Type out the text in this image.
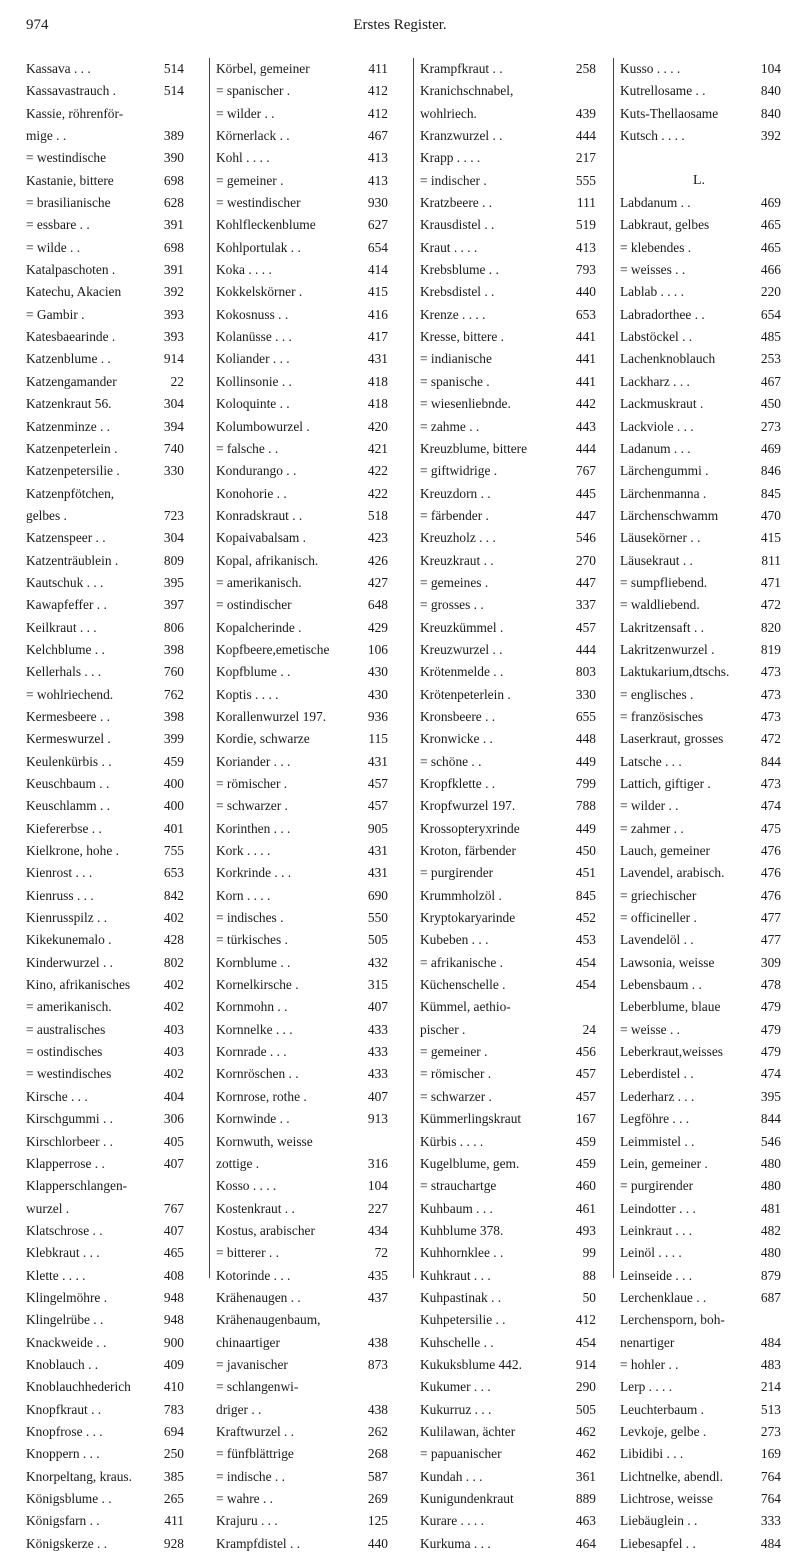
974	Erstes Register.
Kassava . . .	514
Kassavastrauch .	514
Kassie, röhrenför-
mige . .	389
= westindische	390
Kastanie, bittere	698
= brasilianische	628
= essbare . .	391
= wilde . .	698
Katalpaschoten .	391
Katechu, Akacien	392
= Gambir .	393
Katesbaearinde .	393
Katzenblume . .	914
Katzengamander	22
Katzenkraut 56.	304
Katzenminze . .	394
Katzenpeterlein .	740
Katzenpetersilie .	330
Katzenpfötchen,
gelbes .	723
Katzenspeer . .	304
Katzenträublein .	809
Kautschuk . . .	395
Kawapfeffer . .	397
Keilkraut . . .	806
Kelchblume . .	398
Kellerhals . . .	760
= wohlriechend.	762
Kermesbeere . .	398
Kermeswurzel .	399
Keulenkürbis . .	459
Keuschbaum . .	400
Keuschlamm . .	400
Kiefererbse . .	401
Kielkrone, hohe .	755
Kienrost . . .	653
Kienruss . . .	842
Kienrusspilz . .	402
Kikekunemalo .	428
Kinderwurzel . .	802
Kino, afrikanisches	402
= amerikanisch.	402
= australisches	403
= ostindisches	403
= westindisches	402
Kirsche . . .	404
Kirschgummi . .	306
Kirschlorbeer . .	405
Klapperrose . .	407
Klapperschlangen-
wurzel .	767
Klatschrose . .	407
Klebkraut . . .	465
Klette . . . .	408
Klingelmöhre .	948
Klingelrübe . .	948
Knackweide . .	900
Knoblauch . .	409
Knoblauchhederich	410
Knopfkraut . .	783
Knopfrose . . .	694
Knoppern . . .	250
Knorpeltang, kraus.	385
Königsblume . .	265
Königsfarn . .	411
Königskerze . .	928
Körbel, gemeiner	411
= spanischer .	412
= wilder . .	412
Körnerlack . .	467
Kohl . . . .	413
= gemeiner .	413
= westindischer	930
Kohlfleckenblume	627
Kohlportulak . .	654
Koka . . . .	414
Kokkelskörner .	415
Kokosnuss . .	416
Kolanüsse . . .	417
Koliander . . .	431
Kollinsonie . .	418
Koloquinte . .	418
Kolumbowurzel .	420
= falsche . .	421
Kondurango . .	422
Konohorie . .	422
Konradskraut . .	518
Kopaivabalsam .	423
Kopal, afrikanisch.	426
= amerikanisch.	427
= ostindischer	648
Kopalcherinde .	429
Kopfbeere,emetische	106
Kopfblume . .	430
Koptis . . . .	430
Korallenwurzel 197.	936
Kordie, schwarze	115
Koriander . . .	431
= römischer .	457
= schwarzer .	457
Korinthen . . .	905
Kork . . . .	431
Korkrinde . . .	431
Korn . . . .	690
= indisches .	550
= türkisches .	505
Kornblume . .	432
Kornelkirsche .	315
Kornmohn . .	407
Kornnelke . . .	433
Kornrade . . .	433
Kornröschen . .	433
Kornrose, rothe .	407
Kornwinde . .	913
Kornwuth, weisse
zottige .	316
Kosso . . . .	104
Kostenkraut . .	227
Kostus, arabischer	434
= bitterer . .	72
Kotorinde . . .	435
Krähenaugen . .	437
Krähenaugenbaum,
chinaartiger	438
= javanischer	873
= schlangenwi-
driger . .	438
Kraftwurzel . .	262
= fünfblättrige	268
= indische . .	587
= wahre . .	269
Krajuru . . .	125
Krampfdistel . .	440
Krampfkraut . .	258
Kranichschnabel,
wohlriech.	439
Kranzwurzel . .	444
Krapp . . . .	217
= indischer .	555
Kratzbeere . .	111
Krausdistel . .	519
Kraut . . . .	413
Krebsblume . .	793
Krebsdistel . .	440
Krenze . . . .	653
Kresse, bittere .	441
= indianische	441
= spanische .	441
= wiesenliebnde.	442
= zahme . .	443
Kreuzblume, bittere	444
= giftwidrige .	767
Kreuzdorn . .	445
= färbender .	447
Kreuzholz . . .	546
Kreuzkraut . .	270
= gemeines .	447
= grosses . .	337
Kreuzkümmel .	457
Kreuzwurzel . .	444
Krötenmelde . .	803
Krötenpeterlein .	330
Kronsbeere . .	655
Kronwicke . .	448
= schöne . .	449
Kropfklette . .	799
Kropfwurzel 197.	788
Krossopteryxrinde	449
Kroton, färbender	450
= purgirender	451
Krummholzöl .	845
Kryptokaryarinde	452
Kubeben . . .	453
= afrikanische .	454
Küchenschelle .	454
Kümmel, aethio-
pischer .	24
= gemeiner .	456
= römischer .	457
= schwarzer .	457
Kümmerlingskraut	167
Kürbis . . . .	459
Kugelblume, gem.	459
= strauchartge	460
Kuhbaum . . .	461
Kuhblume 378.	493
Kuhhornklee . .	99
Kuhkraut . . .	88
Kuhpastinak . .	50
Kuhpetersilie . .	412
Kuhschelle . .	454
Kukuksblume 442.	914
Kukumer . . .	290
Kukurruz . . .	505
Kulilawan, ächter	462
= papuanischer	462
Kundah . . .	361
Kunigundenkraut	889
Kurare . . . .	463
Kurkuma . . .	464
Kusso . . . .	104
Kutrellosame . .	840
Kuts-Thellaosame	840
Kutsch . . . .	392
L.
Labdanum . .	469
Labkraut, gelbes	465
= klebendes .	465
= weisses . .	466
Lablab . . . .	220
Labradorthee . .	654
Labstöckel . .	485
Lachenknoblauch	253
Lackharz . . .	467
Lackmuskraut .	450
Lackviole . . .	273
Ladanum . . .	469
Lärchengummi .	846
Lärchenmanna .	845
Lärchenschwamm	470
Läusekörner . .	415
Läusekraut . .	811
= sumpfliebend.	471
= waldliebend.	472
Lakritzensaft . .	820
Lakritzenwurzel .	819
Laktukarium,dtschs.	473
= englisches .	473
= französisches	473
Laserkraut, grosses	472
Latsche . . .	844
Lattich, giftiger .	473
= wilder . .	474
= zahmer . .	475
Lauch, gemeiner	476
Lavendel, arabisch.	476
= griechischer	476
= officineller .	477
Lavendelöl . .	477
Lawsonia, weisse	309
Lebensbaum . .	478
Leberblume, blaue	479
= weisse . .	479
Leberkraut,weisses	479
Leberdistel . .	474
Lederharz . . .	395
Legföhre . . .	844
Leimmistel . .	546
Lein, gemeiner .	480
= purgirender	480
Leindotter . . .	481
Leinkraut . . .	482
Leinöl . . . .	480
Leinseide . . .	879
Lerchenklaue . .	687
Lerchensporn, boh-
nenartiger	484
= hohler . .	483
Lerp . . . .	214
Leuchterbaum .	513
Levkoje, gelbe .	273
Libidibi . . .	169
Lichtnelke, abendl.	764
Lichtrose, weisse	764
Liebäuglein . .	333
Liebesapfel . .	484
